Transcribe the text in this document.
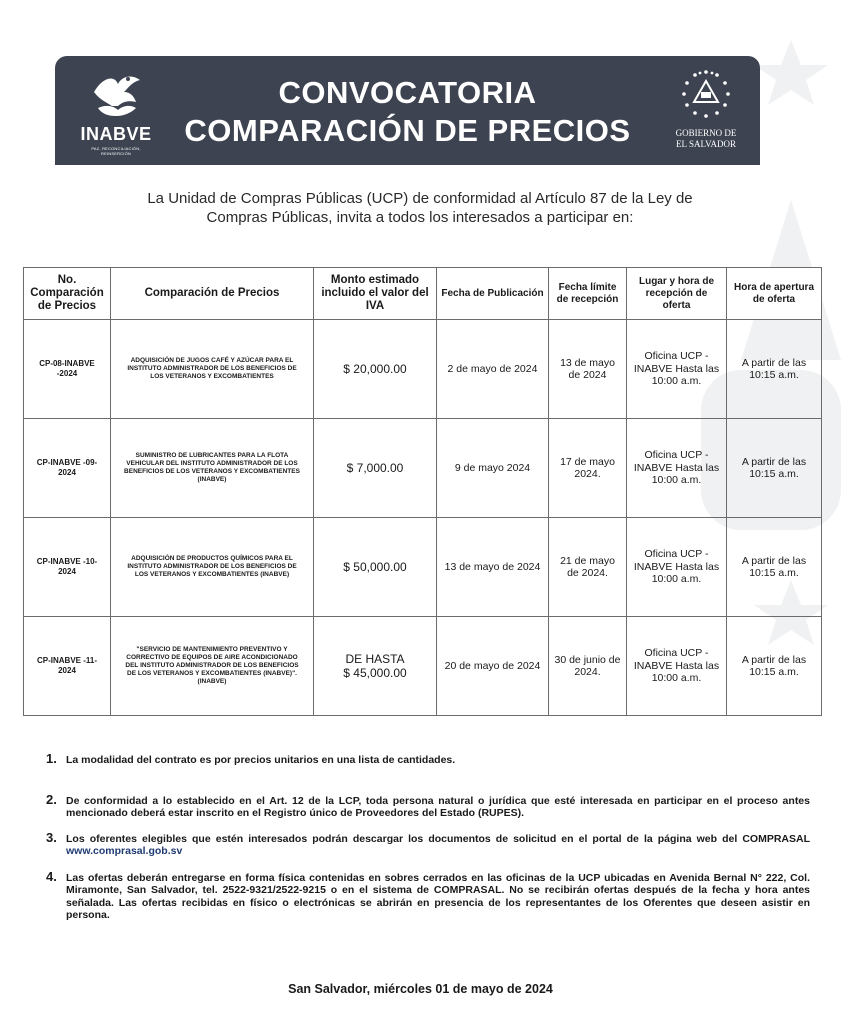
INABVE
PAZ, RECONCILIACIÓN, REINSERCIÓN
CONVOCATORIA
COMPARACIÓN DE PRECIOS	GOBIERNO DE
EL SALVADOR
La Unidad de Compras Públicas (UCP) de conformidad al Artículo 87 de la Ley de
Compras Públicas, invita a todos los interesados a participar en:
No. Comparación de Precios	Comparación de Precios	Monto estimado incluido el valor del IVA	Fecha de Publicación	Fecha límite de recepción	Lugar y hora de recepción de oferta	Hora de apertura de oferta
CP-08-INABVE -2024	ADQUISICIÓN DE JUGOS CAFÉ Y AZÚCAR PARA EL INSTITUTO ADMINISTRADOR DE LOS BENEFICIOS DE LOS VETERANOS Y EXCOMBATIENTES	$ 20,000.00	2 de mayo de 2024	13 de mayo de 2024	Oficina UCP - INABVE Hasta las 10:00 a.m.	A partir de las 10:15 a.m.
CP-INABVE -09-2024	SUMINISTRO DE LUBRICANTES PARA LA FLOTA VEHICULAR DEL INSTITUTO ADMINISTRADOR DE LOS BENEFICIOS DE LOS VETERANOS Y EXCOMBATIENTES (INABVE)	$ 7,000.00	9 de mayo 2024	17 de mayo 2024.	Oficina UCP - INABVE Hasta las 10:00 a.m.	A partir de las 10:15 a.m.
CP-INABVE -10-2024	ADQUISICIÓN DE PRODUCTOS QUÍMICOS PARA EL INSTITUTO ADMINISTRADOR DE LOS BENEFICIOS DE LOS VETERANOS Y EXCOMBATIENTES (INABVE)	$ 50,000.00	13 de mayo de 2024	21 de mayo de 2024.	Oficina UCP - INABVE Hasta las 10:00 a.m.	A partir de las 10:15 a.m.
CP-INABVE -11-2024	"SERVICIO DE MANTENIMIENTO PREVENTIVO Y CORRECTIVO DE EQUIPOS DE AIRE ACONDICIONADO DEL INSTITUTO ADMINISTRADOR DE LOS BENEFICIOS DE LOS VETERANOS Y EXCOMBATIENTES (INABVE)". (INABVE)	DE HASTA
$ 45,000.00	20 de mayo de 2024	30 de junio de 2024.	Oficina UCP - INABVE Hasta las 10:00 a.m.	A partir de las 10:15 a.m.
1. La modalidad del contrato es por precios unitarios en una lista de cantidades.
2. De conformidad a lo establecido en el Art. 12 de la LCP, toda persona natural o jurídica que esté interesada en participar en el proceso antes mencionado deberá estar inscrito en el Registro único de Proveedores del Estado (RUPES).
3. Los oferentes elegibles que estén interesados podrán descargar los documentos de solicitud en el portal de la página web del COMPRASAL www.comprasal.gob.sv
4. Las ofertas deberán entregarse en forma física contenidas en sobres cerrados en las oficinas de la UCP ubicadas en Avenida Bernal N° 222, Col. Miramonte, San Salvador, tel. 2522-9321/2522-9215 o en el sistema de COMPRASAL. No se recibirán ofertas después de la fecha y hora antes señalada. Las ofertas recibidas en físico o electrónicas se abrirán en presencia de los representantes de los Oferentes que deseen asistir en persona.
San Salvador, miércoles 01 de mayo de 2024
